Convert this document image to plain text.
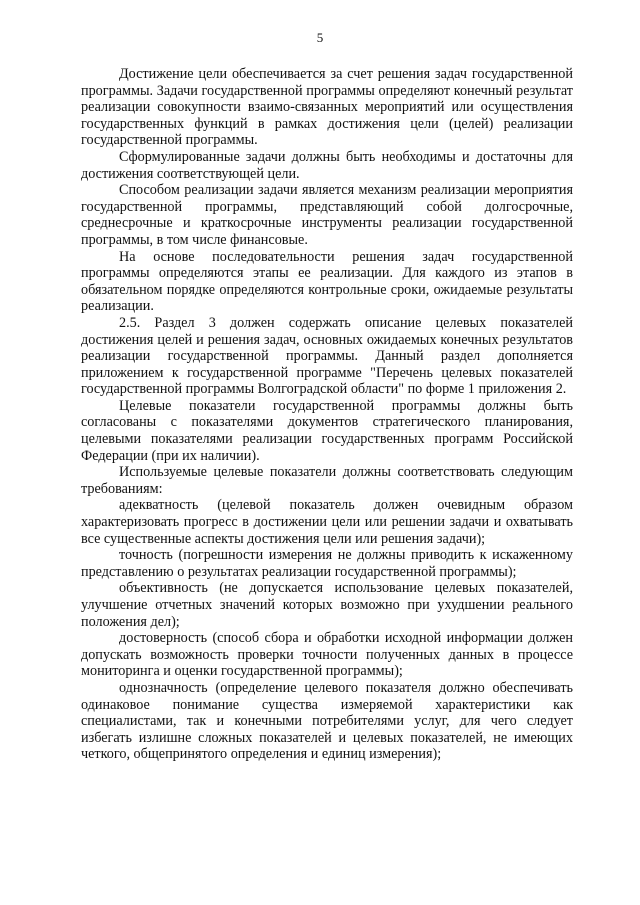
5

Достижение цели обеспечивается за счет решения задач государственной программы. Задачи государственной программы определяют конечный результат реализации совокупности взаимо-связанных мероприятий или осуществления государственных функций в рамках достижения цели (целей) реализации государственной программы.

Сформулированные задачи должны быть необходимы и достаточны для достижения соответствующей цели.

Способом реализации задачи является механизм реализации мероприятия государственной программы, представляющий собой долгосрочные, среднесрочные и краткосрочные инструменты реализации государственной программы, в том числе финансовые.

На основе последовательности решения задач государственной программы определяются этапы ее реализации. Для каждого из этапов в обязательном порядке определяются контрольные сроки, ожидаемые результаты реализации.

2.5. Раздел 3 должен содержать описание целевых показателей достижения целей и решения задач, основных ожидаемых конечных результатов реализации государственной программы. Данный раздел дополняется приложением к государственной программе "Перечень целевых показателей государственной программы Волгоградской области" по форме 1 приложения 2.

Целевые показатели государственной программы должны быть согласованы с показателями документов стратегического планирования, целевыми показателями реализации государственных программ Российской Федерации (при их наличии).

Используемые целевые показатели должны соответствовать следующим требованиям:

адекватность (целевой показатель должен очевидным образом характеризовать прогресс в достижении цели или решении задачи и охватывать все существенные аспекты достижения цели или решения задачи);

точность (погрешности измерения не должны приводить к искаженному представлению о результатах реализации государственной программы);

объективность (не допускается использование целевых показателей, улучшение отчетных значений которых возможно при ухудшении реального положения дел);

достоверность (способ сбора и обработки исходной информации должен допускать возможность проверки точности полученных данных в процессе мониторинга и оценки государственной программы);

однозначность (определение целевого показателя должно обеспечивать одинаковое понимание существа измеряемой характеристики как специалистами, так и конечными потребителями услуг, для чего следует избегать излишне сложных показателей и целевых показателей, не имеющих четкого, общепринятого определения и единиц измерения);
